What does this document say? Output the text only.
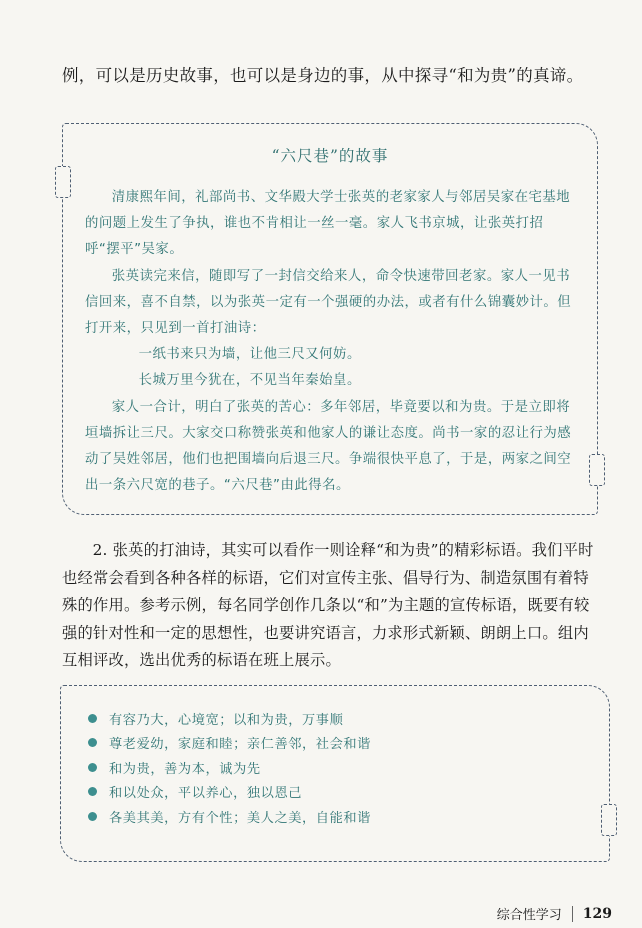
例，可以是历史故事，也可以是身边的事，从中探寻“和为贵”的真谛。
“六尺巷”的故事

清康熙年间，礼部尚书、文华殿大学士张英的老家家人与邻居吴家在宅基地的问题上发生了争执，谁也不肯相让一丝一毫。家人飞书京城，让张英打招呼“摆平”吴家。

张英读完来信，随即写了一封信交给来人，命令快速带回老家。家人一见书信回来，喜不自禁，以为张英一定有一个强硬的办法，或者有什么锦囊妙计。但打开来，只见到一首打油诗：

一纸书来只为墙，让他三尺又何妨。

长城万里今犹在，不见当年秦始皇。

家人一合计，明白了张英的苦心：多年邻居，毕竟要以和为贵。于是立即将垣墙拆让三尺。大家交口称赞张英和他家人的谦让态度。尚书一家的忍让行为感动了吴姓邻居，他们也把围墙向后退三尺。争端很快平息了，于是，两家之间空出一条六尺宽的巷子。“六尺巷”由此得名。

2. 张英的打油诗，其实可以看作一则诠释“和为贵”的精彩标语。我们平时也经常会看到各种各样的标语，它们对宣传主张、倡导行为、制造氛围有着特殊的作用。参考示例，每名同学创作几条以“和”为主题的宣传标语，既要有较强的针对性和一定的思想性，也要讲究语言，力求形式新颖、朗朗上口。组内互相评改，选出优秀的标语在班上展示。

有容乃大，心境宽；以和为贵，万事顺
尊老爱幼，家庭和睦；亲仁善邻，社会和谐
和为贵，善为本，诚为先
和以处众，平以养心，独以恩己
各美其美，方有个性；美人之美，自能和谐
综合性学习 129
